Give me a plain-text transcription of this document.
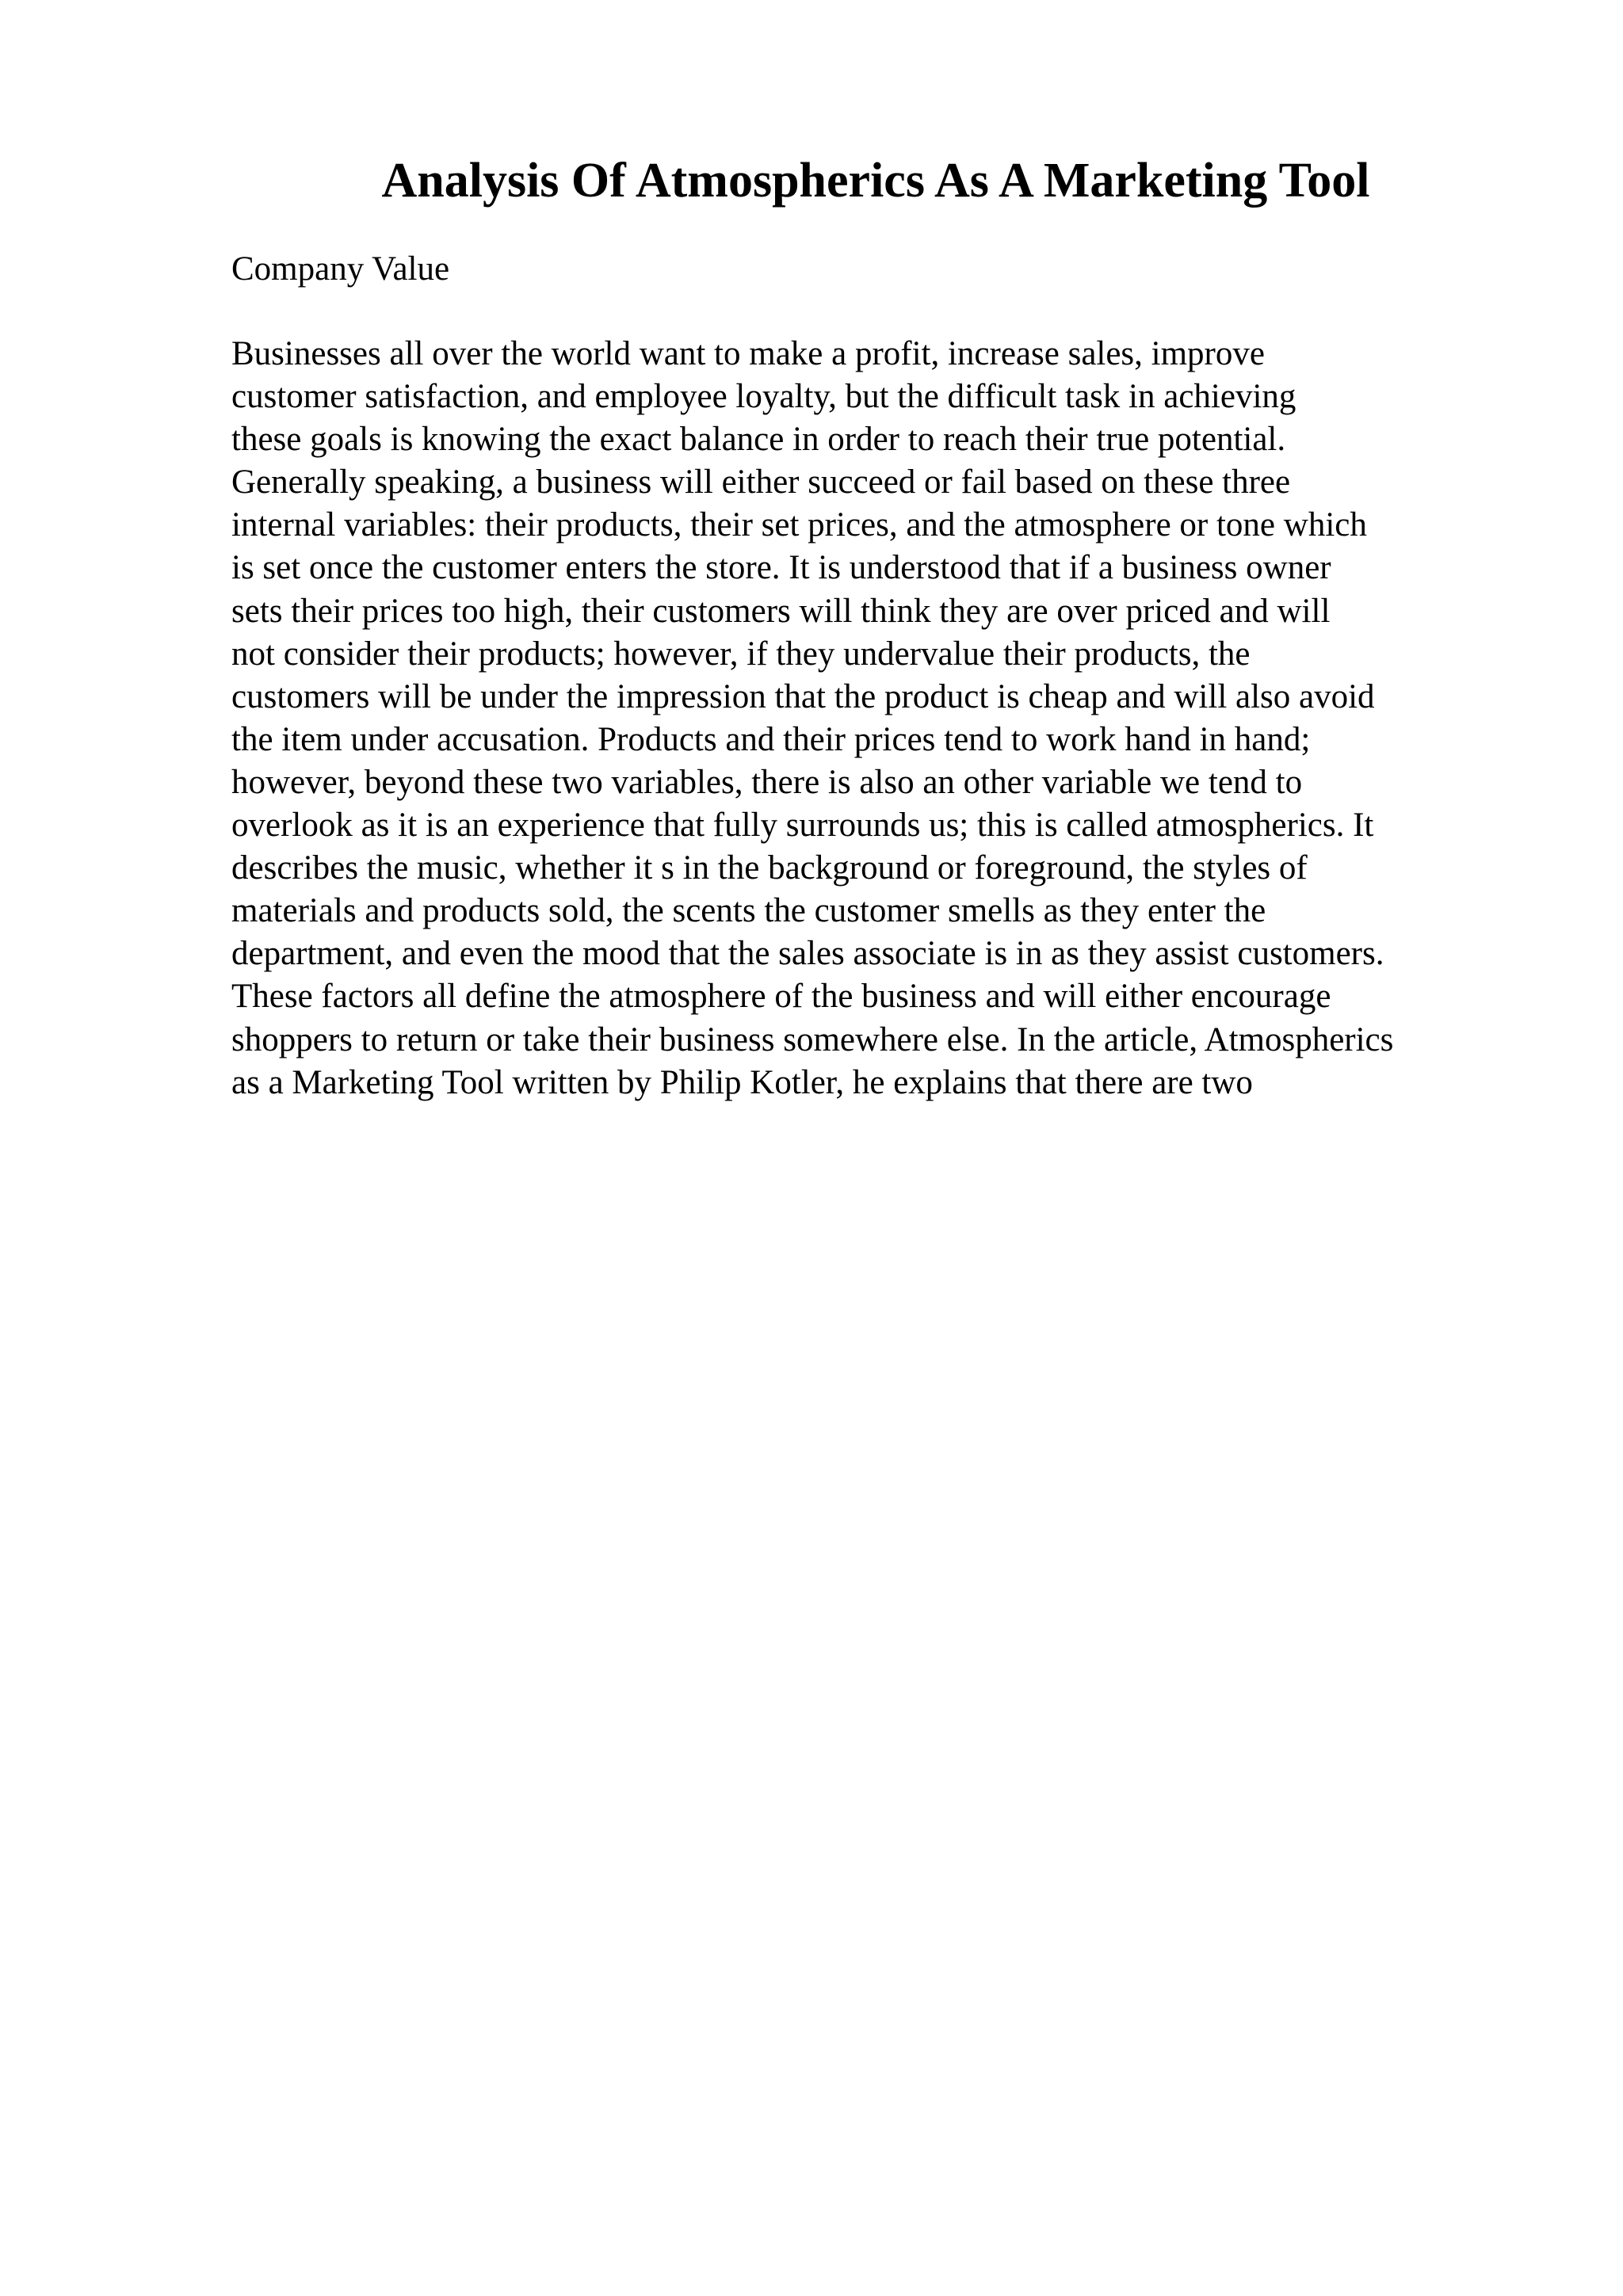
Analysis Of Atmospherics As A Marketing Tool

Company Value

Businesses all over the world want to make a profit, increase sales, improve
customer satisfaction, and employee loyalty, but the difficult task in achieving
these goals is knowing the exact balance in order to reach their true potential.
Generally speaking, a business will either succeed or fail based on these three
internal variables: their products, their set prices, and the atmosphere or tone which
is set once the customer enters the store. It is understood that if a business owner
sets their prices too high, their customers will think they are over priced and will
not consider their products; however, if they undervalue their products, the
customers will be under the impression that the product is cheap and will also avoid
the item under accusation. Products and their prices tend to work hand in hand;
however, beyond these two variables, there is also an other variable we tend to
overlook as it is an experience that fully surrounds us; this is called atmospherics. It
describes the music, whether it s in the background or foreground, the styles of
materials and products sold, the scents the customer smells as they enter the
department, and even the mood that the sales associate is in as they assist customers.
These factors all define the atmosphere of the business and will either encourage
shoppers to return or take their business somewhere else. In the article, Atmospherics
as a Marketing Tool written by Philip Kotler, he explains that there are two
